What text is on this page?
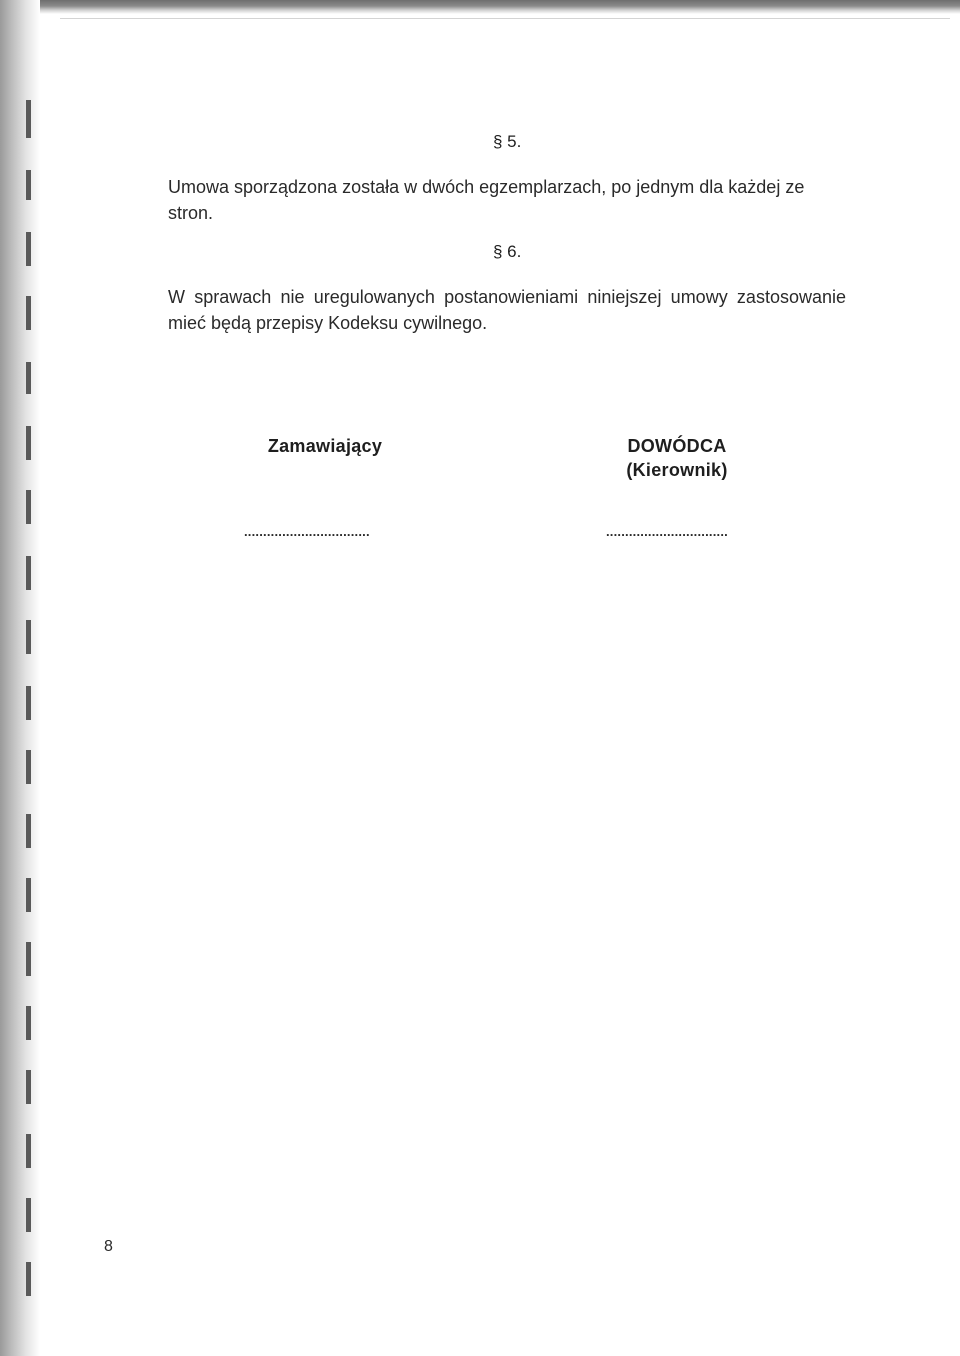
§ 5.

Umowa sporządzona została w dwóch egzemplarzach, po jednym dla każdej ze stron.

§ 6.

W sprawach nie uregulowanych postanowieniami niniejszej umowy zastosowanie mieć będą przepisy Kodeksu cywilnego.

Zamawiający	DOWÓDCA
(Kierownik)
.................................	................................
8
